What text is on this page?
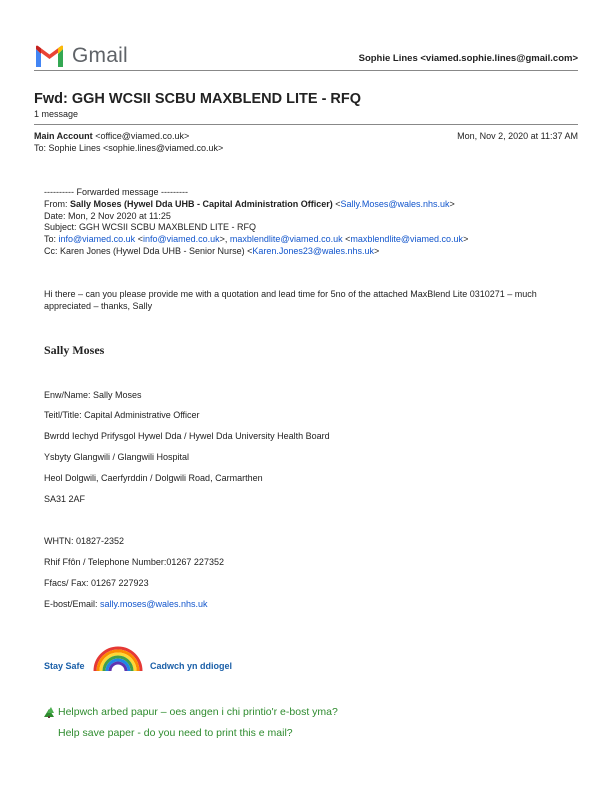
Gmail	Sophie Lines <viamed.sophie.lines@gmail.com>
Fwd: GGH WCSII SCBU MAXBLEND LITE - RFQ
1 message
Main Account <office@viamed.co.uk>	Mon, Nov 2, 2020 at 11:37 AM
To: Sophie Lines <sophie.lines@viamed.co.uk>
---------- Forwarded message ---------
From: Sally Moses (Hywel Dda UHB - Capital Administration Officer) <Sally.Moses@wales.nhs.uk>
Date: Mon, 2 Nov 2020 at 11:25
Subject: GGH WCSII SCBU MAXBLEND LITE - RFQ
To: info@viamed.co.uk <info@viamed.co.uk>, maxblendlite@viamed.co.uk <maxblendlite@viamed.co.uk>
Cc: Karen Jones (Hywel Dda UHB - Senior Nurse) <Karen.Jones23@wales.nhs.uk>
Hi there – can you please provide me with a quotation and lead time for 5no of the attached MaxBlend Lite 0310271 – much appreciated – thanks, Sally
Sally Moses
Enw/Name: Sally Moses
Teitl/Title: Capital Administrative Officer
Bwrdd Iechyd Prifysgol Hywel Dda / Hywel Dda University Health Board
Ysbyty Glangwili / Glangwili Hospital
Heol Dolgwili, Caerfyrddin / Dolgwili Road, Carmarthen
SA31 2AF
WHTN: 01827-2352
Rhif Ffôn / Telephone Number:01267 227352
Ffacs/ Fax: 01267 227923
E-bost/Email: sally.moses@wales.nhs.uk
Stay Safe	Cadwch yn ddiogel
Helpwch arbed papur – oes angen i chi printio'r e-bost yma?
Help save paper - do you need to print this e mail?
